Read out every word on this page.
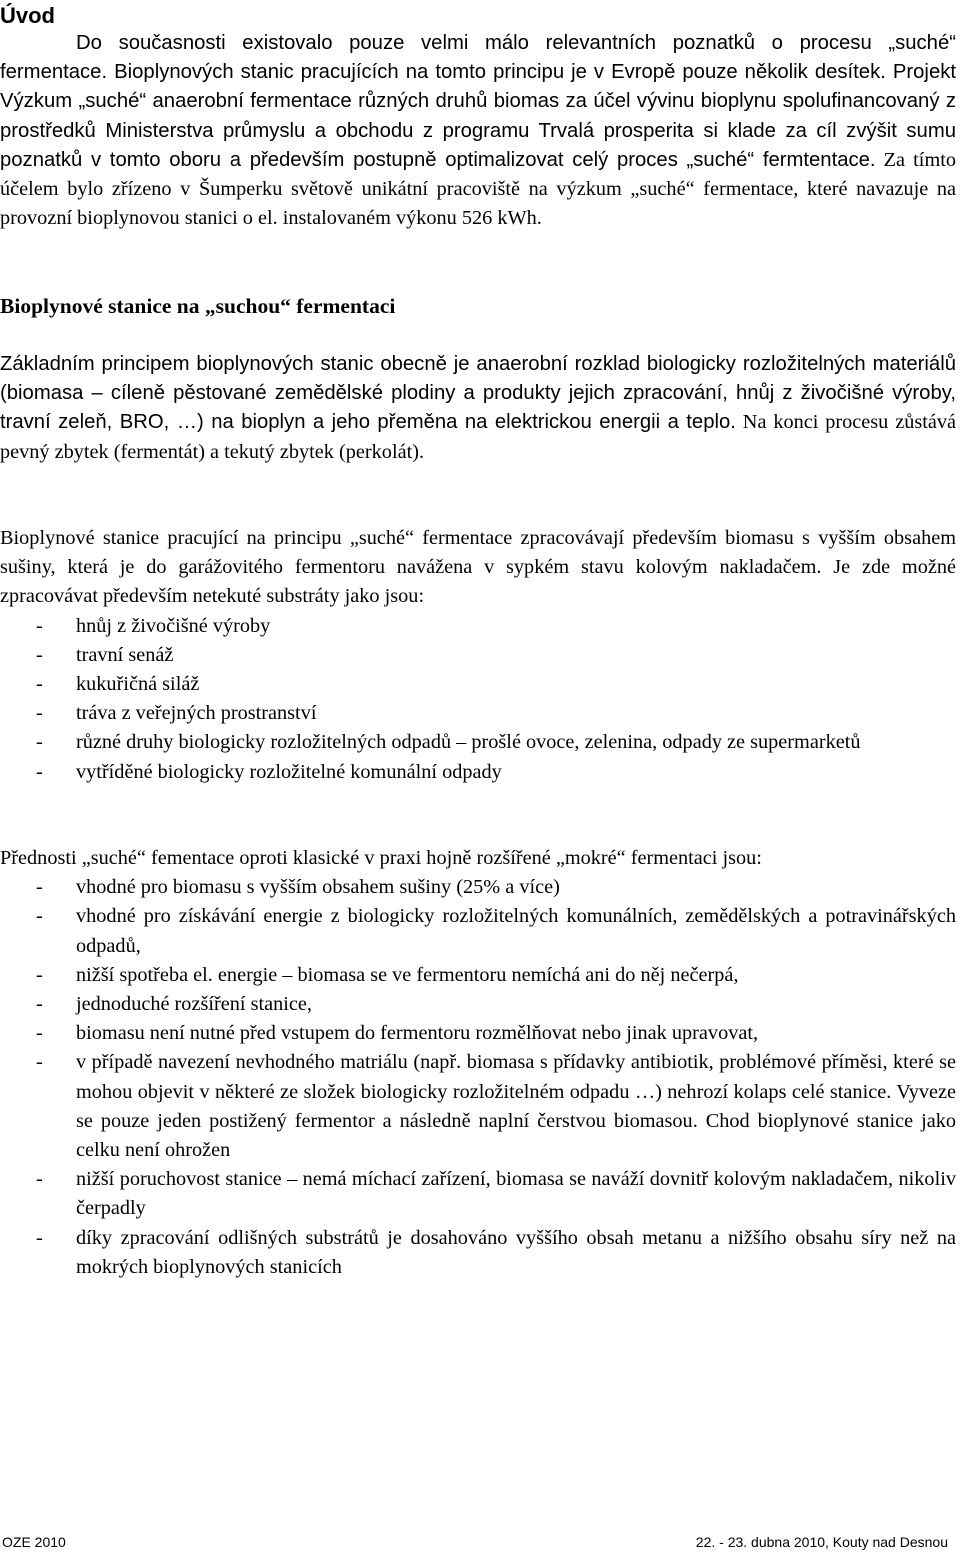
Úvod

Do současnosti existovalo pouze velmi málo relevantních poznatků o procesu „suché“ fermentace. Bioplynových stanic pracujících na tomto principu je v Evropě pouze několik desítek. Projekt Výzkum „suché“ anaerobní fermentace různých druhů biomas za účel vývinu bioplynu spolufinancovaný z prostředků Ministerstva průmyslu a obchodu z programu Trvalá prosperita si klade za cíl zvýšit sumu poznatků v tomto oboru a především postupně optimalizovat celý proces „suché“ fermtentace. Za tímto účelem bylo zřízeno v Šumperku světově unikátní pracoviště na výzkum „suché“ fermentace, které navazuje na provozní bioplynovou stanici o el. instalovaném výkonu 526 kWh.

Bioplynové stanice na „suchou“ fermentaci

Základním principem bioplynových stanic obecně je anaerobní rozklad biologicky rozložitelných materiálů (biomasa – cíleně pěstované zemědělské plodiny a produkty jejich zpracování, hnůj z živočišné výroby, travní zeleň, BRO, …) na bioplyn a jeho přeměna na elektrickou energii a teplo. Na konci procesu zůstává pevný zbytek (fermentát) a tekutý zbytek (perkolát).

Bioplynové stanice pracující na principu „suché“ fermentace zpracovávají především biomasu s vyšším obsahem sušiny, která je do garážovitého fermentoru navážena v sypkém stavu kolovým nakladačem. Je zde možné zpracovávat především netekuté substráty jako jsou:
- hnůj z živočišné výroby
- travní senáž
- kukuřičná siláž
- tráva z veřejných prostranství
- různé druhy biologicky rozložitelných odpadů – prošlé ovoce, zelenina, odpady ze supermarketů
- vytříděné biologicky rozložitelné komunální odpady
Přednosti „suché“ fementace oproti klasické v praxi hojně rozšířené „mokré“ fermentaci jsou:
- vhodné pro biomasu s vyšším obsahem sušiny (25% a více)
- vhodné pro získávání energie z biologicky rozložitelných komunálních, zemědělských a potravinářských odpadů,
- nižší spotřeba el. energie – biomasa se ve fermentoru nemíchá ani do něj nečerpá,
- jednoduché rozšíření stanice,
- biomasu není nutné před vstupem do fermentoru rozmělňovat nebo jinak upravovat,
- v případě navezení nevhodného matriálu (např. biomasa s přídavky antibiotik, problémové příměsi, které se mohou objevit v některé ze složek biologicky rozložitelném odpadu …) nehrozí kolaps celé stanice. Vyveze se pouze jeden postižený fermentor a následně naplní čerstvou biomasou. Chod bioplynové stanice jako celku není ohrožen
- nižší poruchovost stanice – nemá míchací zařízení, biomasa se naváží dovnitř kolovým nakladačem, nikoliv čerpadly
- díky zpracování odlišných substrátů je dosahováno vyššího obsah metanu a nižšího obsahu síry než na mokrých bioplynových stanicích
OZE 2010	22. - 23. dubna 2010, Kouty nad Desnou
